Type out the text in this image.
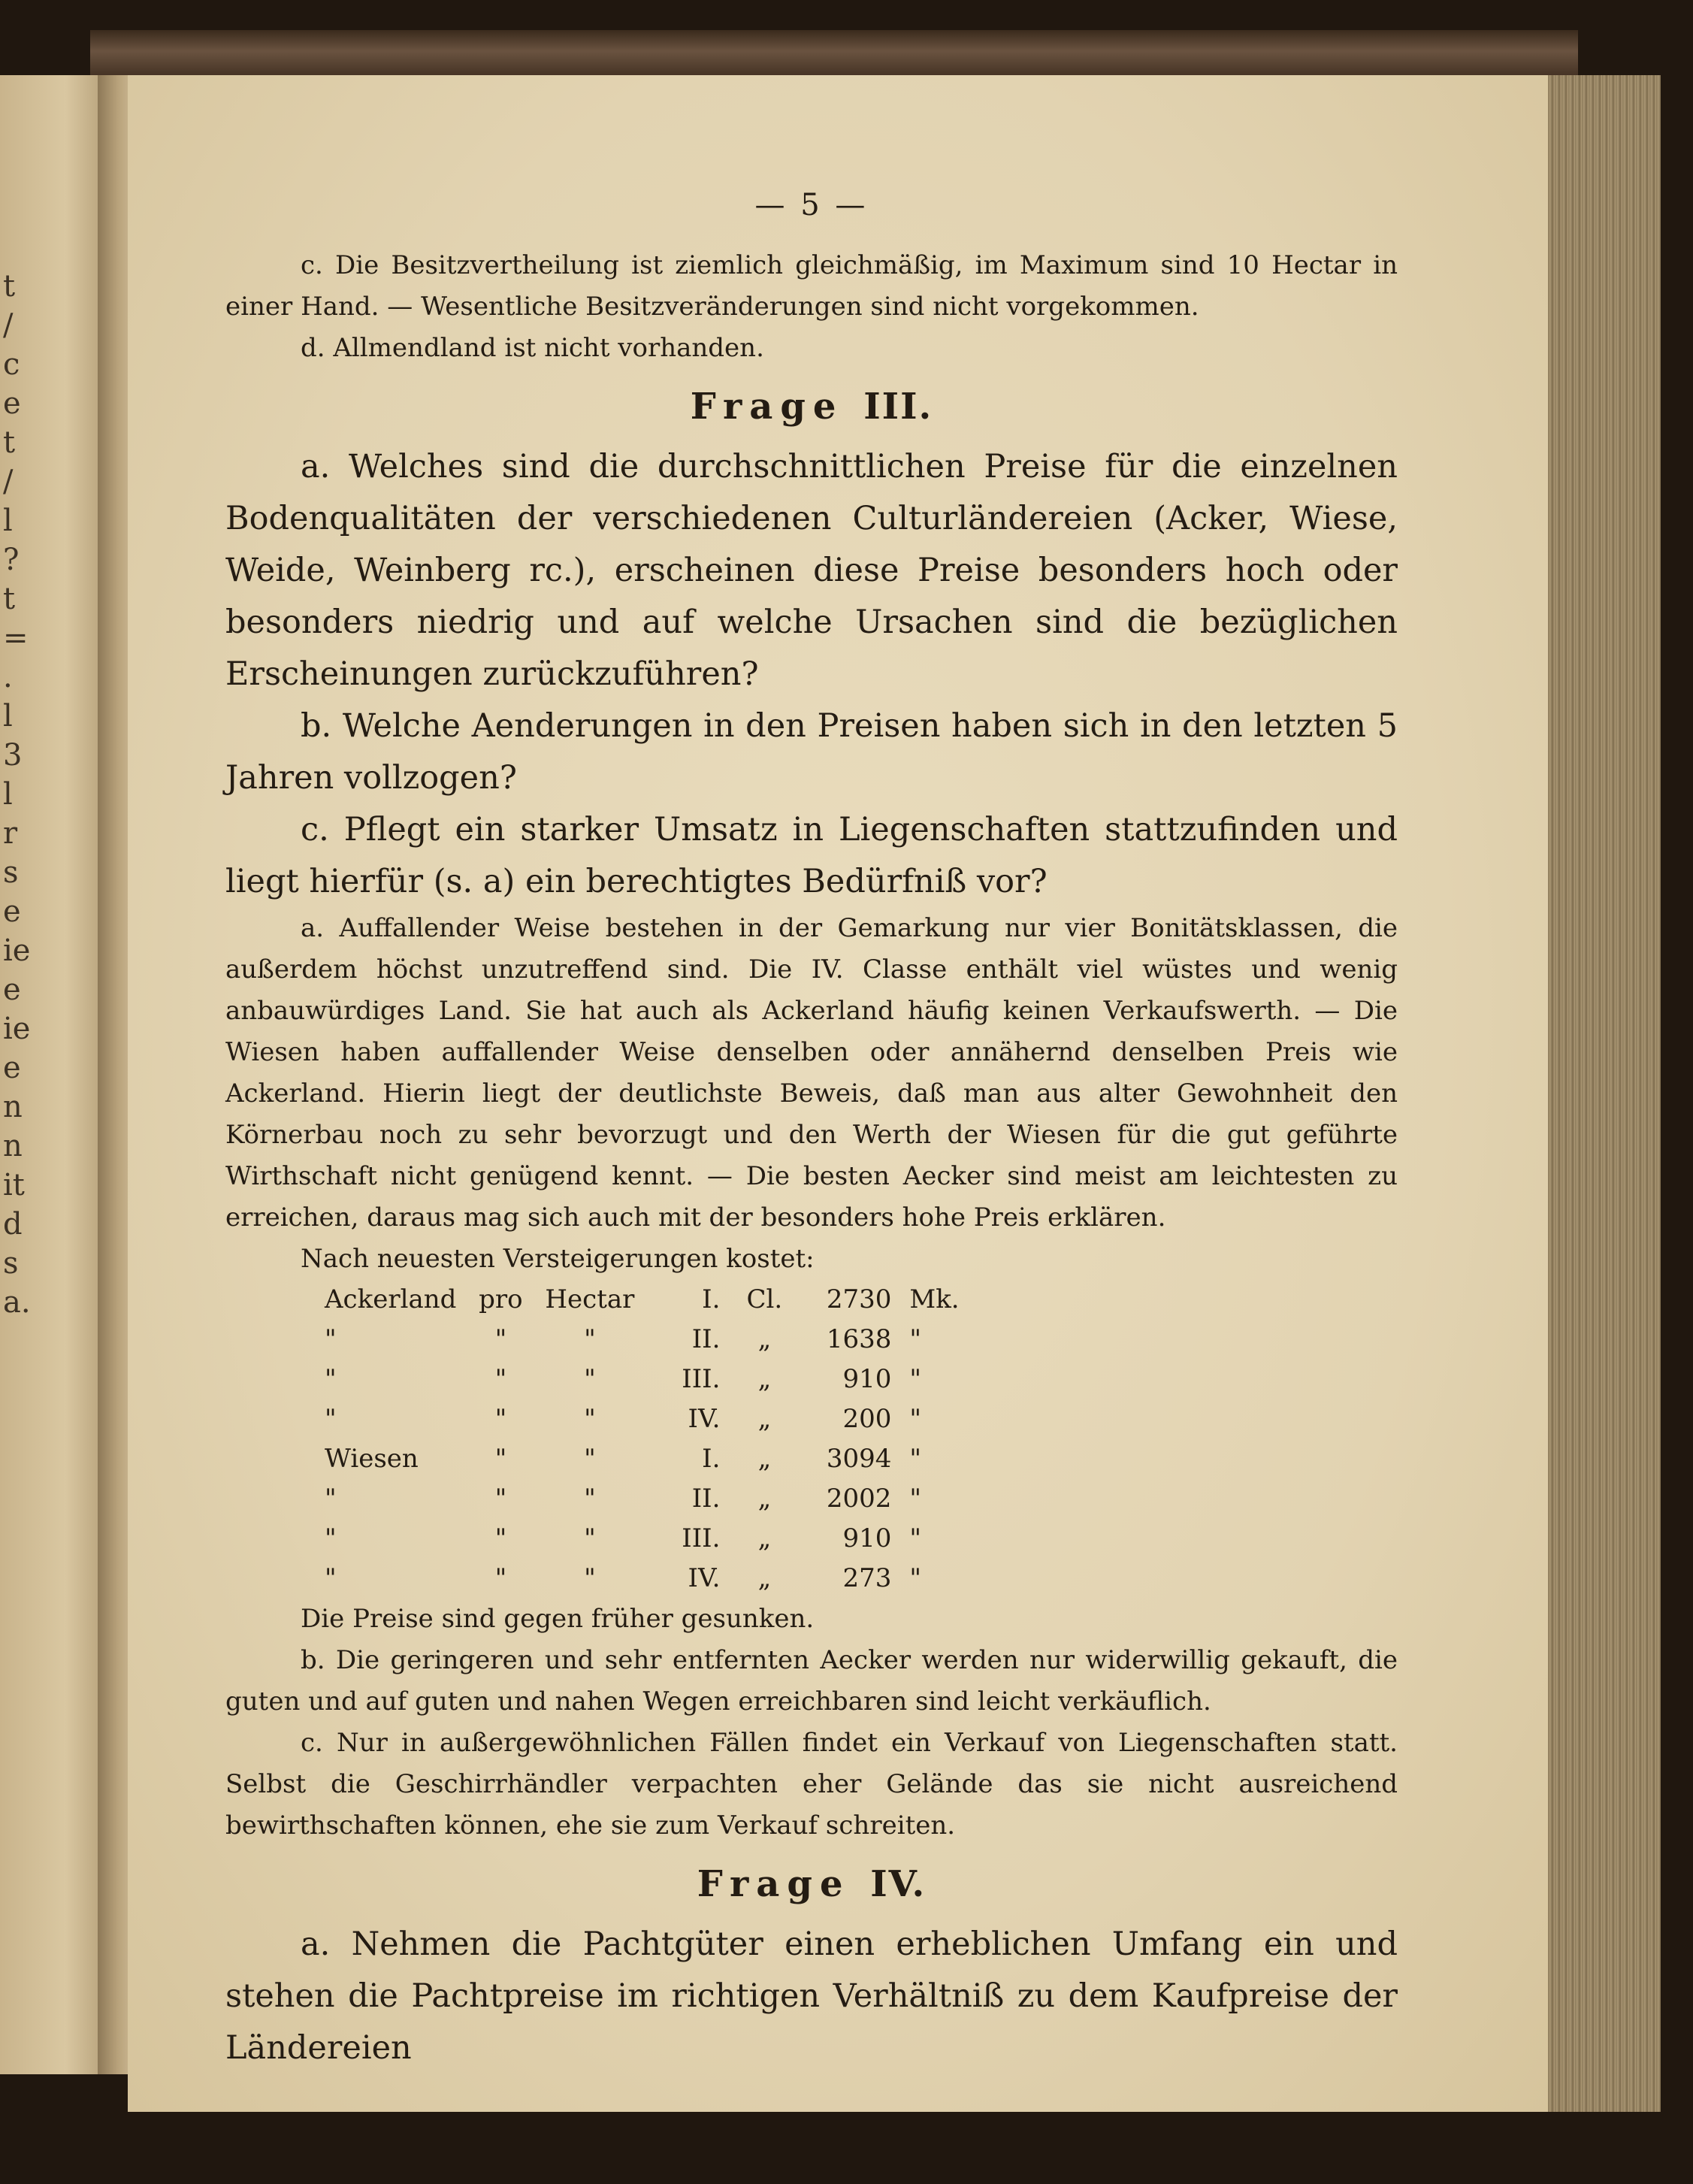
t
/
c
e
t
/
l
?
t
=
.
l
3
l
r
s
e
ie
e
ie
e
n
n
it
d
s
a.
— 5 —

c. Die Besitzvertheilung ist ziemlich gleichmäßig, im Maximum sind 10 Hectar in einer Hand. — Wesentliche Besitzveränderungen sind nicht vorgekommen.

d. Allmendland ist nicht vorhanden.

Frage III.

a. Welches sind die durchschnittlichen Preise für die einzelnen Bodenqualitäten der verschiedenen Culturländereien (Acker, Wiese, Weide, Weinberg rc.), erscheinen diese Preise besonders hoch oder besonders niedrig und auf welche Ursachen sind die bezüglichen Erscheinungen zurückzuführen?

b. Welche Aenderungen in den Preisen haben sich in den letzten 5 Jahren vollzogen?

c. Pflegt ein starker Umsatz in Liegenschaften stattzufinden und liegt hierfür (s. a) ein berechtigtes Bedürfniß vor?

a. Auffallender Weise bestehen in der Gemarkung nur vier Bonitätsklassen, die außerdem höchst unzutreffend sind. Die IV. Classe enthält viel wüstes und wenig anbauwürdiges Land. Sie hat auch als Ackerland häufig keinen Verkaufswerth. — Die Wiesen haben auffallender Weise denselben oder annähernd denselben Preis wie Ackerland. Hierin liegt der deutlichste Beweis, daß man aus alter Gewohnheit den Körnerbau noch zu sehr bevorzugt und den Werth der Wiesen für die gut geführte Wirthschaft nicht genügend kennt. — Die besten Aecker sind meist am leichtesten zu erreichen, daraus mag sich auch mit der besonders hohe Preis erklären.

Nach neuesten Versteigerungen kostet:

Ackerland	pro	Hectar	I.	Cl.	2730	Mk.
"	"	"	II.	„	1638	"
"	"	"	III.	„	910	"
"	"	"	IV.	„	200	"
Wiesen	"	"	I.	„	3094	"
"	"	"	II.	„	2002	"
"	"	"	III.	„	910	"
"	"	"	IV.	„	273	"

Die Preise sind gegen früher gesunken.

b. Die geringeren und sehr entfernten Aecker werden nur widerwillig gekauft, die guten und auf guten und nahen Wegen erreichbaren sind leicht verkäuflich.

c. Nur in außergewöhnlichen Fällen findet ein Verkauf von Liegenschaften statt. Selbst die Geschirrhändler verpachten eher Gelände das sie nicht ausreichend bewirthschaften können, ehe sie zum Verkauf schreiten.

Frage IV.

a. Nehmen die Pachtgüter einen erheblichen Umfang ein und stehen die Pachtpreise im richtigen Verhältniß zu dem Kaufpreise der Ländereien
